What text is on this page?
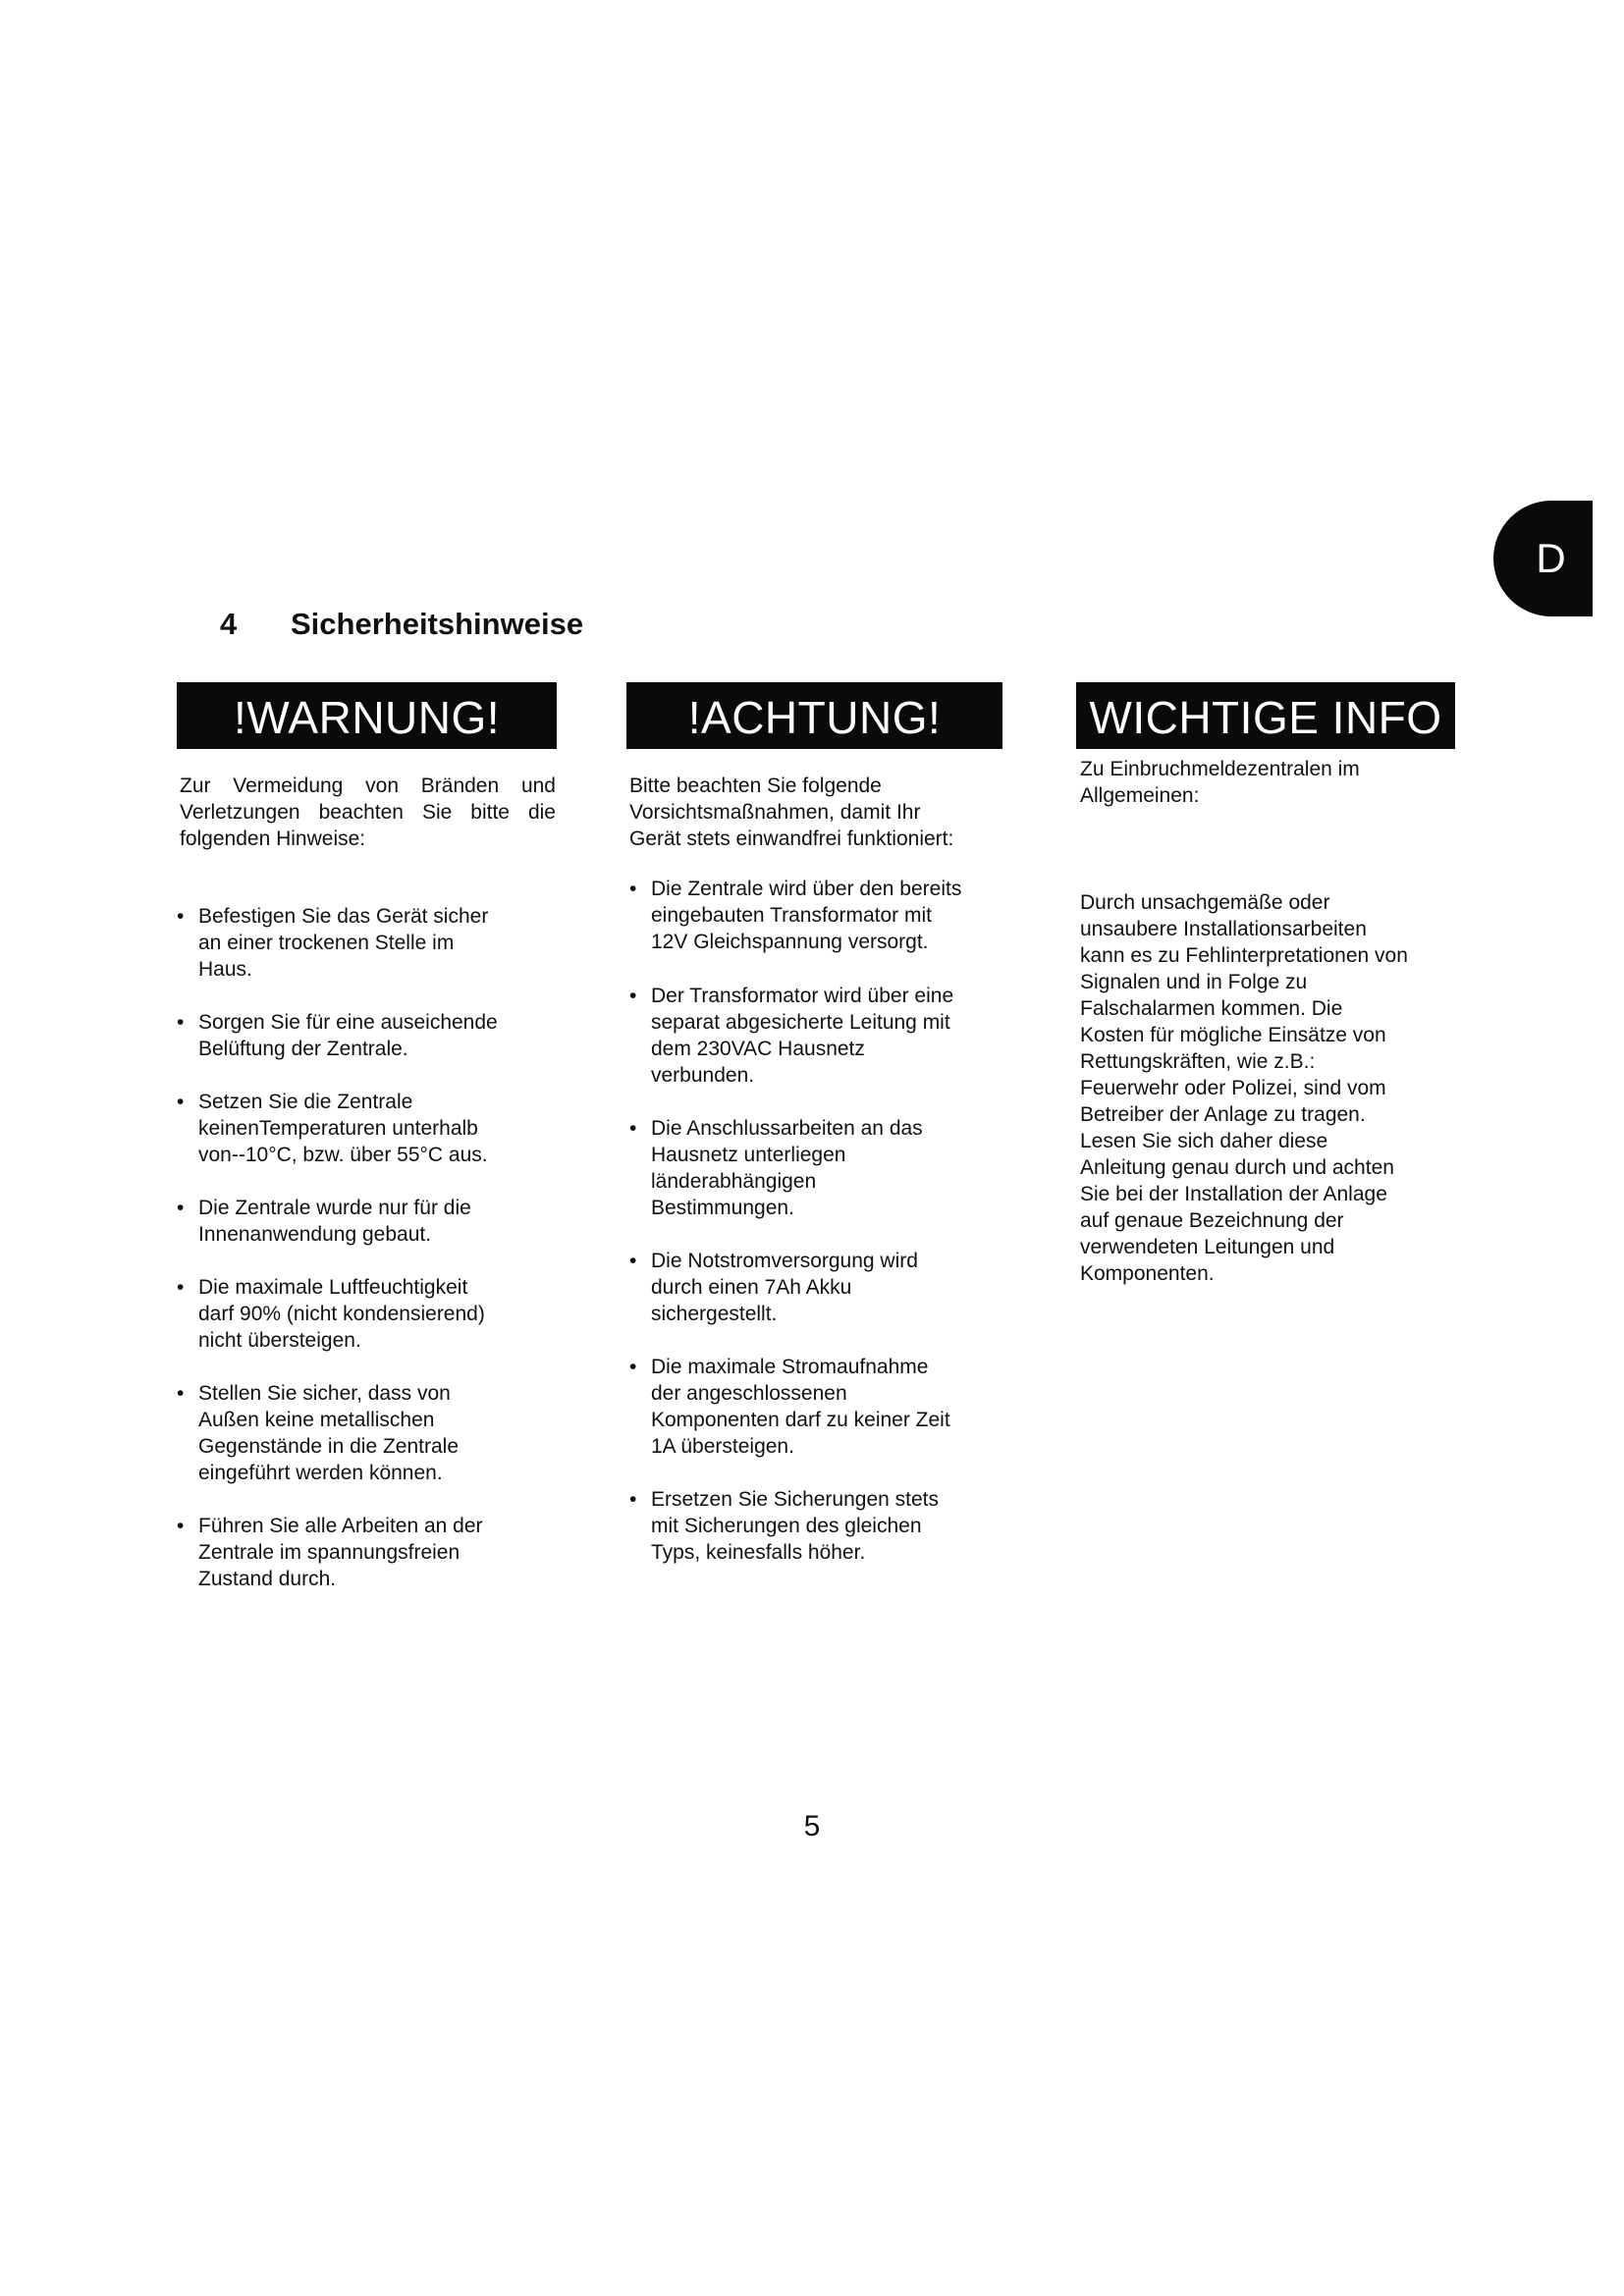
D
4 Sicherheitshinweise
!WARNUNG!

Zur Vermeidung von Bränden und

Verletzungen beachten Sie bitte die

folgenden Hinweise:

• Befestigen Sie das Gerät sicher

an einer trockenen Stelle im

Haus.

• Sorgen Sie für eine auseichende

Belüftung der Zentrale.

• Setzen Sie die Zentrale

keinenTemperaturen unterhalb

von--10°C, bzw. über 55°C aus.

• Die Zentrale wurde nur für die

Innenanwendung gebaut.

• Die maximale Luftfeuchtigkeit

darf 90% (nicht kondensierend)

nicht übersteigen.

• Stellen Sie sicher, dass von

Außen keine metallischen

Gegenstände in die Zentrale

eingeführt werden können.

• Führen Sie alle Arbeiten an der

Zentrale im spannungsfreien

Zustand durch.

!ACHTUNG!

Bitte beachten Sie folgende

Vorsichtsmaßnahmen, damit Ihr

Gerät stets einwandfrei funktioniert:

• Die Zentrale wird über den bereits

eingebauten Transformator mit

12V Gleichspannung versorgt.

• Der Transformator wird über eine

separat abgesicherte Leitung mit

dem 230VAC Hausnetz

verbunden.

• Die Anschlussarbeiten an das

Hausnetz unterliegen

länderabhängigen

Bestimmungen.

• Die Notstromversorgung wird

durch einen 7Ah Akku

sichergestellt.

• Die maximale Stromaufnahme

der angeschlossenen

Komponenten darf zu keiner Zeit

1A übersteigen.

• Ersetzen Sie Sicherungen stets

mit Sicherungen des gleichen

Typs, keinesfalls höher.

WICHTIGE INFO

Zu Einbruchmeldezentralen im

Allgemeinen:

Durch unsachgemäße oder

unsaubere Installationsarbeiten

kann es zu Fehlinterpretationen von

Signalen und in Folge zu

Falschalarmen kommen. Die

Kosten für mögliche Einsätze von

Rettungskräften, wie z.B.:

Feuerwehr oder Polizei, sind vom

Betreiber der Anlage zu tragen.

Lesen Sie sich daher diese

Anleitung genau durch und achten

Sie bei der Installation der Anlage

auf genaue Bezeichnung der

verwendeten Leitungen und

Komponenten.

5
